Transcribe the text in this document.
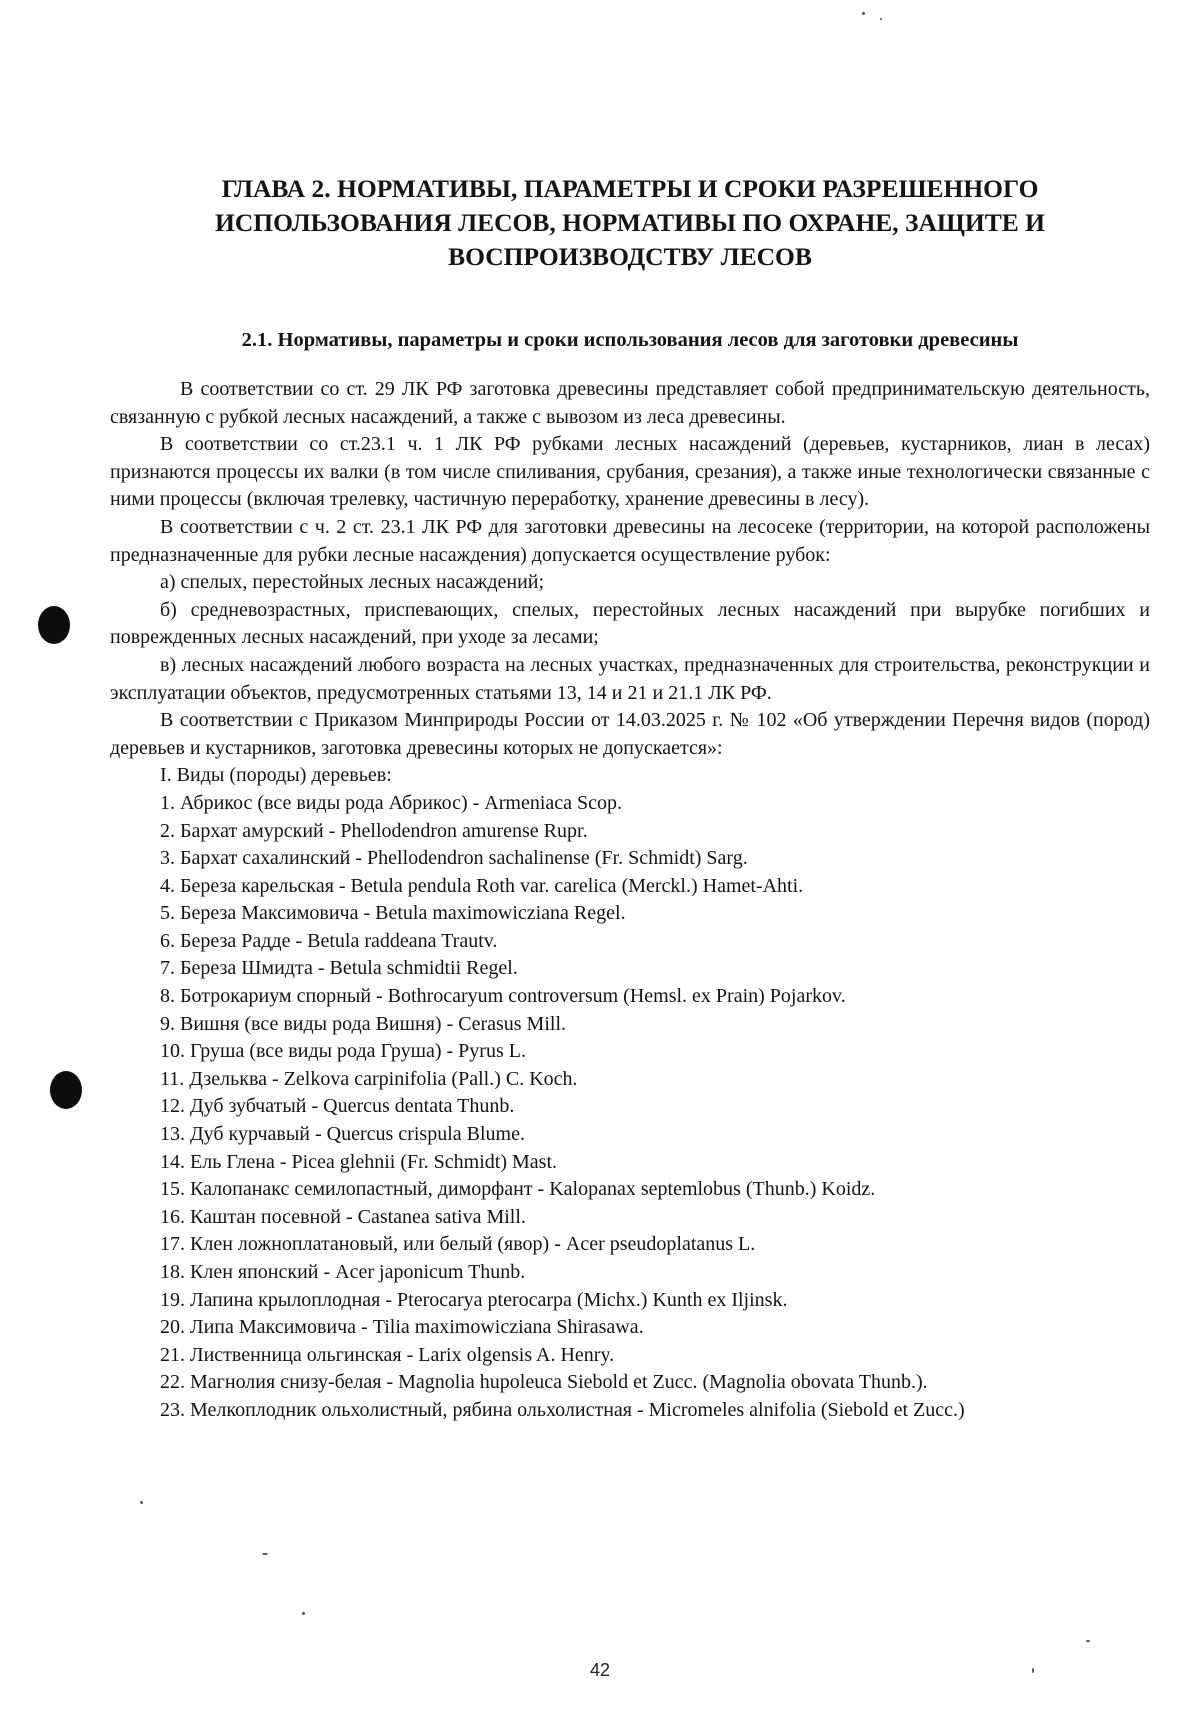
ГЛАВА 2. НОРМАТИВЫ, ПАРАМЕТРЫ И СРОКИ РАЗРЕШЕННОГО
ИСПОЛЬЗОВАНИЯ ЛЕСОВ, НОРМАТИВЫ ПО ОХРАНЕ, ЗАЩИТЕ И
ВОСПРОИЗВОДСТВУ ЛЕСОВ
2.1. Нормативы, параметры и сроки использования лесов для заготовки древесины

В соответствии со ст. 29 ЛК РФ заготовка древесины представляет собой предпринимательскую деятельность, связанную с рубкой лесных насаждений, а также с вывозом из леса древесины.

В соответствии со ст.23.1 ч. 1 ЛК РФ рубками лесных насаждений (деревьев, кустарников, лиан в лесах) признаются процессы их валки (в том числе спиливания, срубания, срезания), а также иные технологически связанные с ними процессы (включая трелевку, частичную переработку, хранение древесины в лесу).

В соответствии с ч. 2 ст. 23.1 ЛК РФ для заготовки древесины на лесосеке (территории, на которой расположены предназначенные для рубки лесные насаждения) допускается осуществление рубок:

а) спелых, перестойных лесных насаждений;

б) средневозрастных, приспевающих, спелых, перестойных лесных насаждений при вырубке погибших и поврежденных лесных насаждений, при уходе за лесами;

в) лесных насаждений любого возраста на лесных участках, предназначенных для строительства, реконструкции и эксплуатации объектов, предусмотренных статьями 13, 14 и 21 и 21.1 ЛК РФ.

В соответствии с Приказом Минприроды России от 14.03.2025 г. № 102 «Об утверждении Перечня видов (пород) деревьев и кустарников, заготовка древесины которых не допускается»:

I. Виды (породы) деревьев:

1. Абрикос (все виды рода Абрикос) - Armeniaca Scop.
2. Бархат амурский - Phellodendron amurense Rupr.
3. Бархат сахалинский - Phellodendron sachalinense (Fr. Schmidt) Sarg.
4. Береза карельская - Betula pendula Roth var. carelica (Merckl.) Hamet-Ahti.
5. Береза Максимовича - Betula maximowicziana Regel.
6. Береза Радде - Betula raddeana Trautv.
7. Береза Шмидта - Betula schmidtii Regel.
8. Ботрокариум спорный - Bothrocaryum controversum (Hemsl. ex Prain) Pojarkov.
9. Вишня (все виды рода Вишня) - Cerasus Mill.
10. Груша (все виды рода Груша) - Pyrus L.
11. Дзельква - Zelkova carpinifolia (Pall.) C. Koch.
12. Дуб зубчатый - Quercus dentata Thunb.
13. Дуб курчавый - Quercus crispula Blume.
14. Ель Глена - Picea glehnii (Fr. Schmidt) Mast.
15. Калопанакс семилопастный, диморфант - Kalopanax septemlobus (Thunb.) Koidz.
16. Каштан посевной - Castanea sativa Mill.
17. Клен ложноплатановый, или белый (явор) - Acer pseudoplatanus L.
18. Клен японский - Acer japonicum Thunb.
19. Лапина крылоплодная - Pterocarya pterocarpa (Michx.) Kunth ex Iljinsk.
20. Липа Максимовича - Tilia maximowicziana Shirasawa.
21. Лиственница ольгинская - Larix olgensis A. Henry.
22. Магнолия снизу-белая - Magnolia hupoleuca Siebold et Zucc. (Magnolia obovata Thunb.).
23. Мелкоплодник ольхолистный, рябина ольхолистная - Micromeles alnifolia (Siebold et Zucc.)
42
